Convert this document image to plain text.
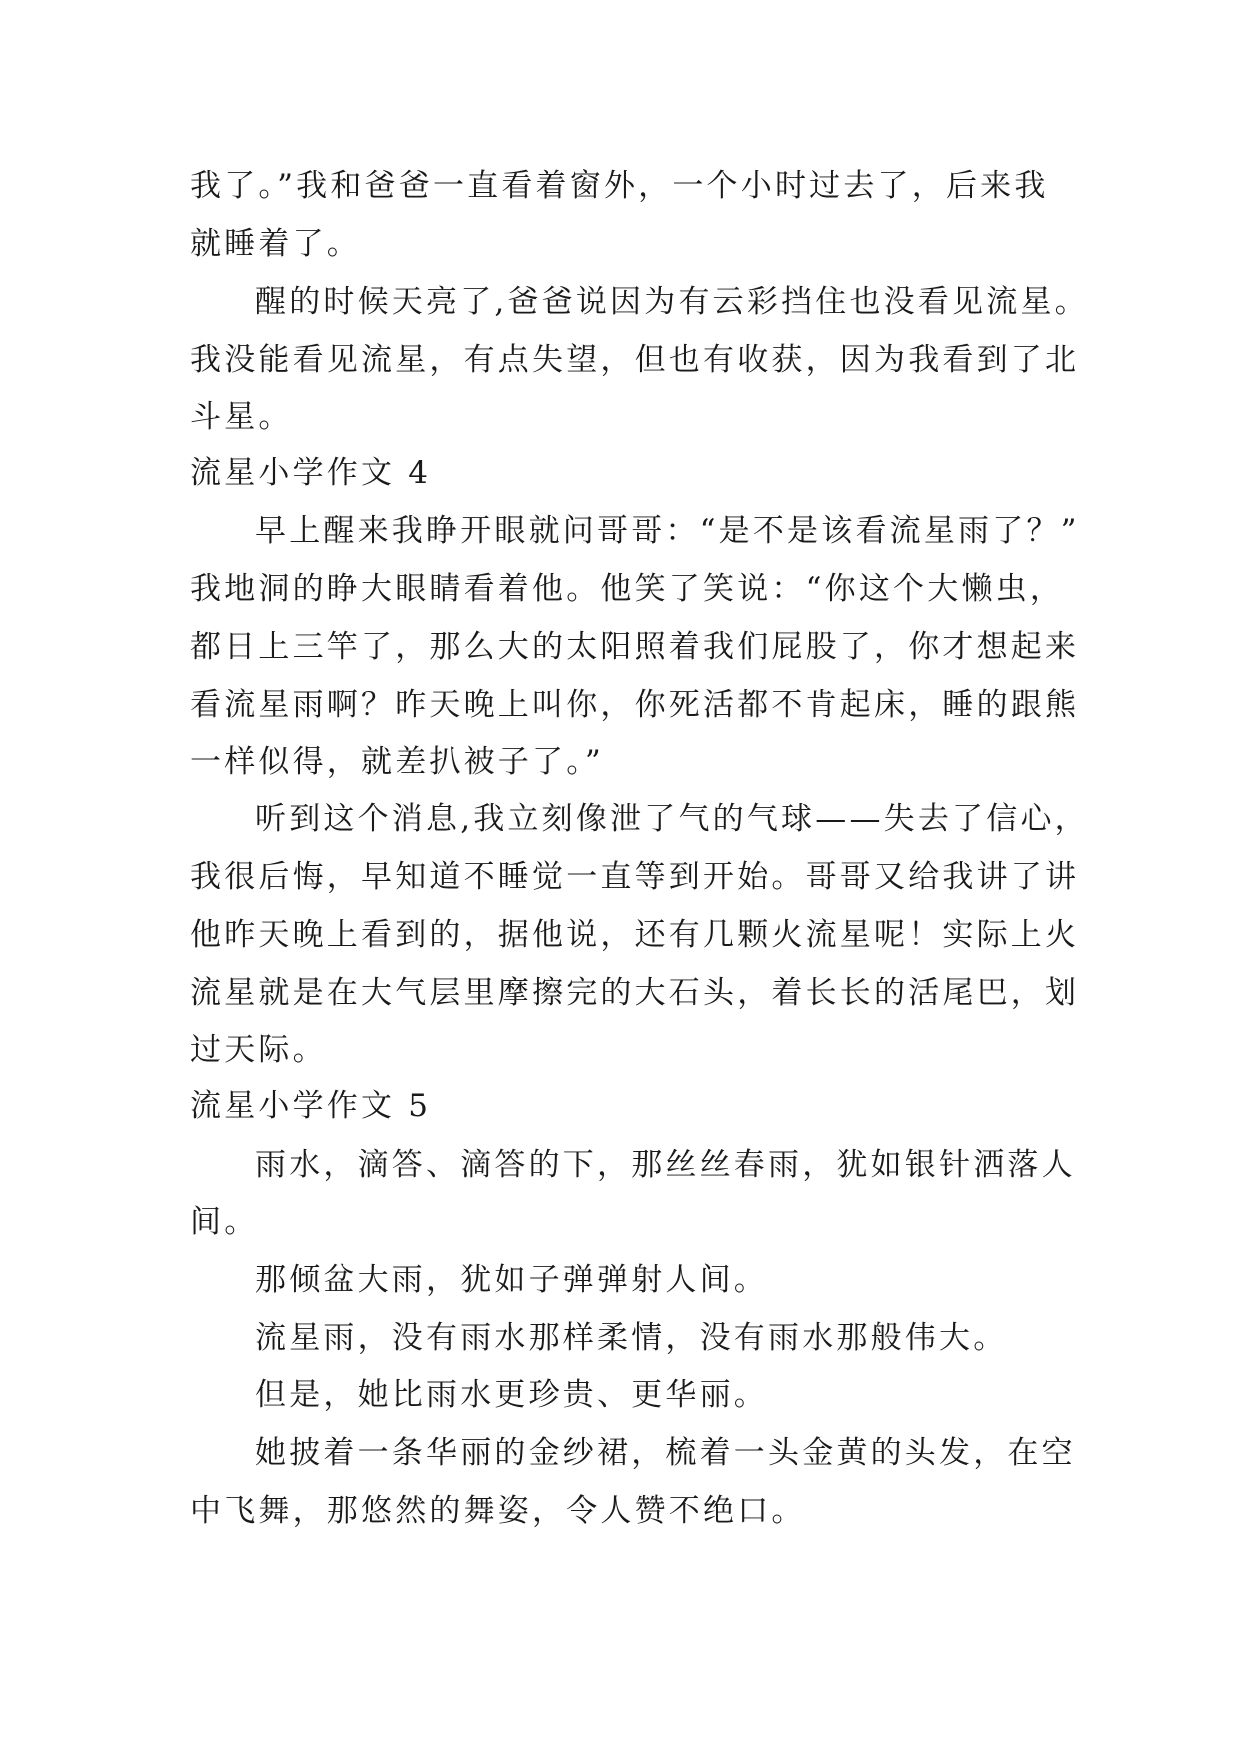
我了。”我和爸爸一直看着窗外，一个小时过去了，后来我
就睡着了。
醒的时候天亮了,爸爸说因为有云彩挡住也没看见流星。
我没能看见流星，有点失望，但也有收获，因为我看到了北
斗星。
流星小学作文 4
早上醒来我睁开眼就问哥哥：“是不是该看流星雨了？”
我地洞的睁大眼睛看着他。他笑了笑说：“你这个大懒虫，
都日上三竿了，那么大的太阳照着我们屁股了，你才想起来
看流星雨啊？昨天晚上叫你，你死活都不肯起床，睡的跟熊
一样似得，就差扒被子了。”
听到这个消息,我立刻像泄了气的气球——失去了信心，
我很后悔，早知道不睡觉一直等到开始。哥哥又给我讲了讲
他昨天晚上看到的，据他说，还有几颗火流星呢！实际上火
流星就是在大气层里摩擦完的大石头，着长长的活尾巴，划
过天际。
流星小学作文 5
雨水，滴答、滴答的下，那丝丝春雨，犹如银针洒落人
间。
那倾盆大雨，犹如子弹弹射人间。
流星雨，没有雨水那样柔情，没有雨水那般伟大。
但是，她比雨水更珍贵、更华丽。
她披着一条华丽的金纱裙，梳着一头金黄的头发，在空
中飞舞，那悠然的舞姿，令人赞不绝口。
